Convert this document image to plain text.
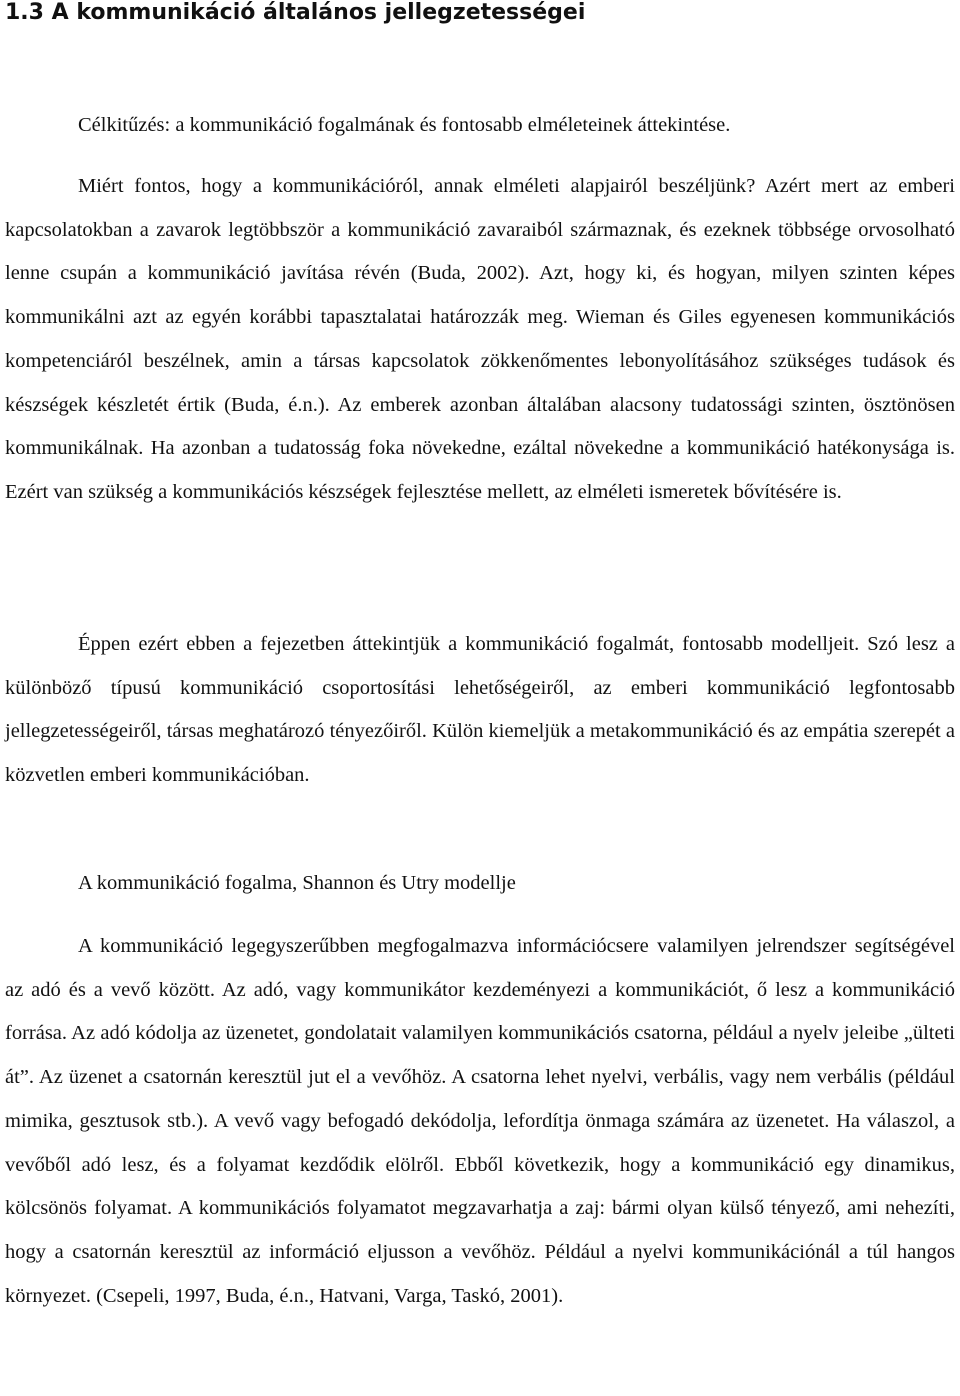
1.3 A kommunikáció általános jellegzetességei

Célkitűzés: a kommunikáció fogalmának és fontosabb elméleteinek áttekintése.

Miért fontos, hogy a kommunikációról, annak elméleti alapjairól beszéljünk? Azért mert az emberi kapcsolatokban a zavarok legtöbbször a kommunikáció zavaraiból származnak, és ezeknek többsége orvosolható lenne csupán a kommunikáció javítása révén (Buda, 2002). Azt, hogy ki, és hogyan, milyen szinten képes kommunikálni azt az egyén korábbi tapasztalatai határozzák meg. Wieman és Giles egyenesen kommunikációs kompetenciáról beszélnek, amin a társas kapcsolatok zökkenőmentes lebonyolításához szükséges tudások és készségek készletét értik (Buda, é.n.). Az emberek azonban általában alacsony tudatossági szinten, ösztönösen kommunikálnak. Ha azonban a tudatosság foka növekedne, ezáltal növekedne a kommunikáció hatékonysága is. Ezért van szükség a kommunikációs készségek fejlesztése mellett, az elméleti ismeretek bővítésére is.

Éppen ezért ebben a fejezetben áttekintjük a kommunikáció fogalmát, fontosabb modelljeit. Szó lesz a különböző típusú kommunikáció csoportosítási lehetőségeiről, az emberi kommunikáció legfontosabb jellegzetességeiről, társas meghatározó tényezőiről. Külön kiemeljük a metakommunikáció és az empátia szerepét a közvetlen emberi kommunikációban.

A kommunikáció fogalma, Shannon és Utry modellje

A kommunikáció legegyszerűbben megfogalmazva információcsere valamilyen jelrendszer segítségével az adó és a vevő között. Az adó, vagy kommunikátor kezdeményezi a kommunikációt, ő lesz a kommunikáció forrása. Az adó kódolja az üzenetet, gondolatait valamilyen kommunikációs csatorna, például a nyelv jeleibe „ülteti át”. Az üzenet a csatornán keresztül jut el a vevőhöz. A csatorna lehet nyelvi, verbális, vagy nem verbális (például mimika, gesztusok stb.). A vevő vagy befogadó dekódolja, lefordítja önmaga számára az üzenetet. Ha válaszol, a vevőből adó lesz, és a folyamat kezdődik elölről. Ebből következik, hogy a kommunikáció egy dinamikus, kölcsönös folyamat. A kommunikációs folyamatot megzavarhatja a zaj: bármi olyan külső tényező, ami nehezíti, hogy a csatornán keresztül az információ eljusson a vevőhöz. Például a nyelvi kommunikációnál a túl hangos környezet. (Csepeli, 1997, Buda, é.n., Hatvani, Varga, Taskó, 2001).
